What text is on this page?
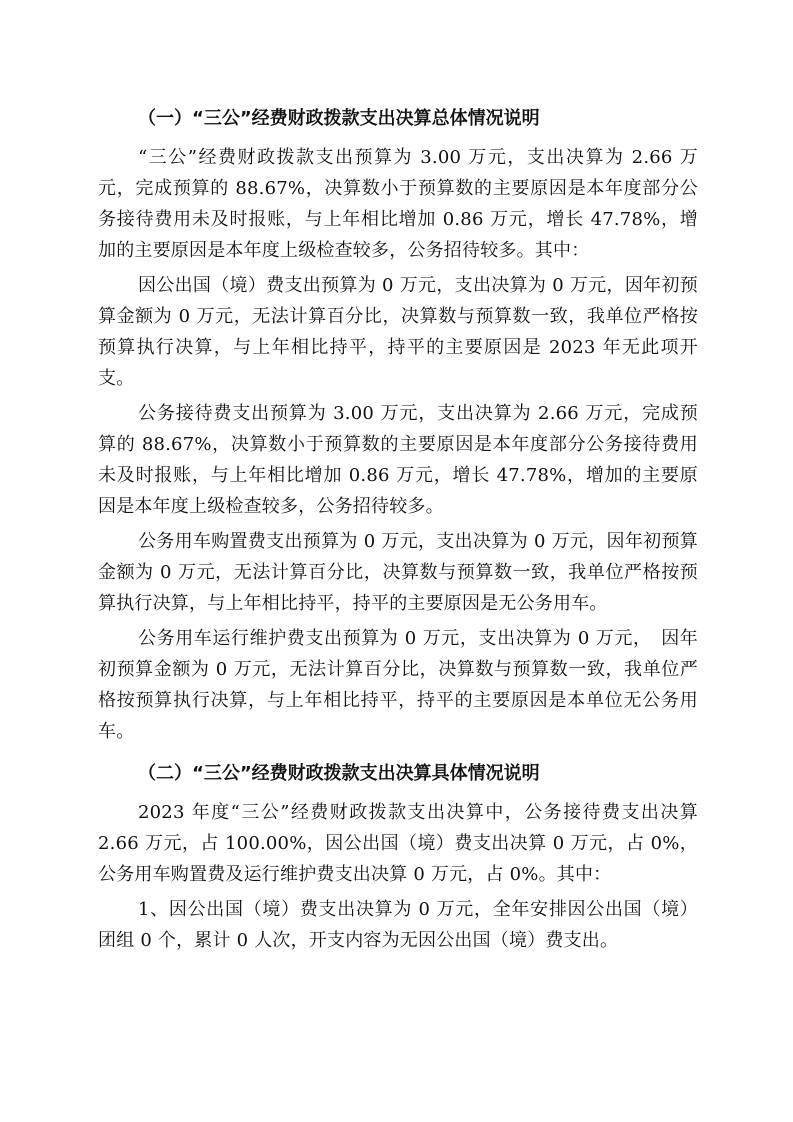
（一）“三公”经费财政拨款支出决算总体情况说明

“三公”经费财政拨款支出预算为 3.00 万元，支出决算为 2.66 万元，完成预算的 88.67%，决算数小于预算数的主要原因是本年度部分公务接待费用未及时报账，与上年相比增加 0.86 万元，增长 47.78%，增加的主要原因是本年度上级检查较多，公务招待较多。其中：

因公出国（境）费支出预算为 0 万元，支出决算为 0 万元，因年初预算金额为 0 万元，无法计算百分比，决算数与预算数一致，我单位严格按预算执行决算，与上年相比持平，持平的主要原因是 2023 年无此项开支。

公务接待费支出预算为 3.00 万元，支出决算为 2.66 万元，完成预算的 88.67%，决算数小于预算数的主要原因是本年度部分公务接待费用未及时报账，与上年相比增加 0.86 万元，增长 47.78%，增加的主要原因是本年度上级检查较多，公务招待较多。

公务用车购置费支出预算为 0 万元，支出决算为 0 万元，因年初预算金额为 0 万元，无法计算百分比，决算数与预算数一致，我单位严格按预算执行决算，与上年相比持平，持平的主要原因是无公务用车。

公务用车运行维护费支出预算为 0 万元，支出决算为 0 万元，　因年初预算金额为 0 万元，无法计算百分比，决算数与预算数一致，我单位严格按预算执行决算，与上年相比持平，持平的主要原因是本单位无公务用车。

（二）“三公”经费财政拨款支出决算具体情况说明

2023 年度“三公”经费财政拨款支出决算中，公务接待费支出决算 2.66 万元，占 100.00%，因公出国（境）费支出决算 0 万元，占 0%，公务用车购置费及运行维护费支出决算 0 万元，占 0%。其中：

1、因公出国（境）费支出决算为 0 万元，全年安排因公出国（境）团组 0 个，累计 0 人次，开支内容为无因公出国（境）费支出。
